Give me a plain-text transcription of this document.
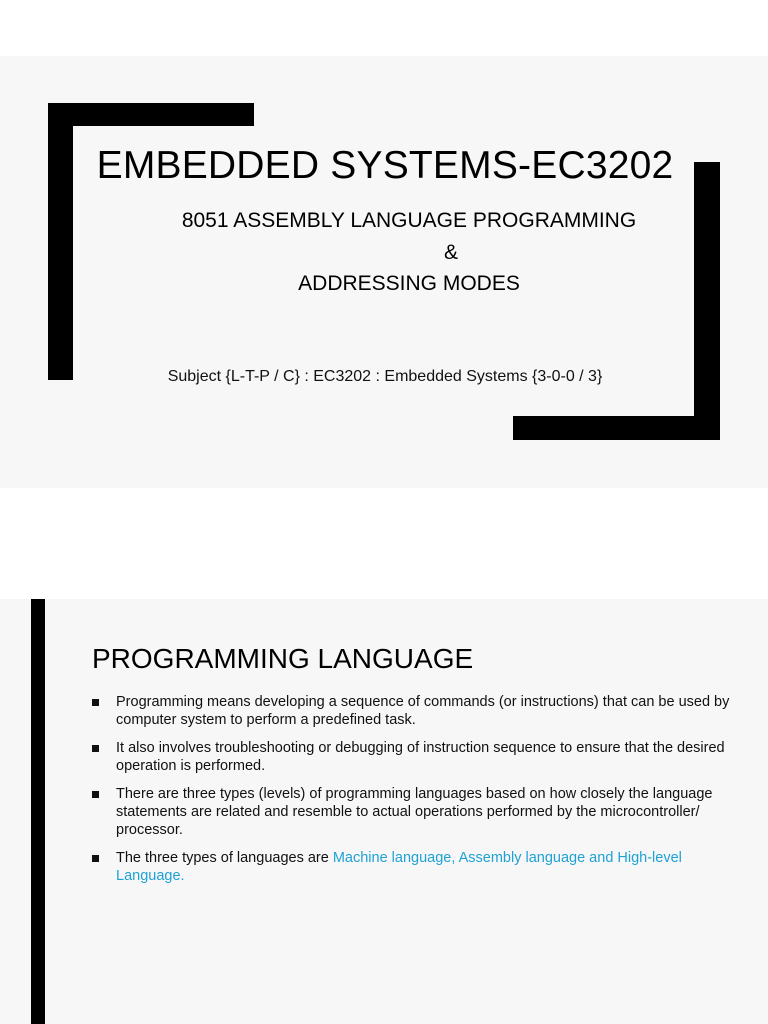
EMBEDDED SYSTEMS-EC3202
8051 ASSEMBLY LANGUAGE PROGRAMMING
&
ADDRESSING MODES
Subject {L-T-P / C} : EC3202 : Embedded Systems {3-0-0 / 3}
PROGRAMMING LANGUAGE
Programming means developing a sequence of commands (or instructions) that can be used by computer system to perform a predefined task.
It also involves troubleshooting or debugging of instruction sequence to ensure that the desired operation is performed.
There are three types (levels) of programming languages based on how closely the language statements are related and resemble to actual operations performed by the microcontroller/ processor.
The three types of languages are Machine language, Assembly language and High-level Language.
